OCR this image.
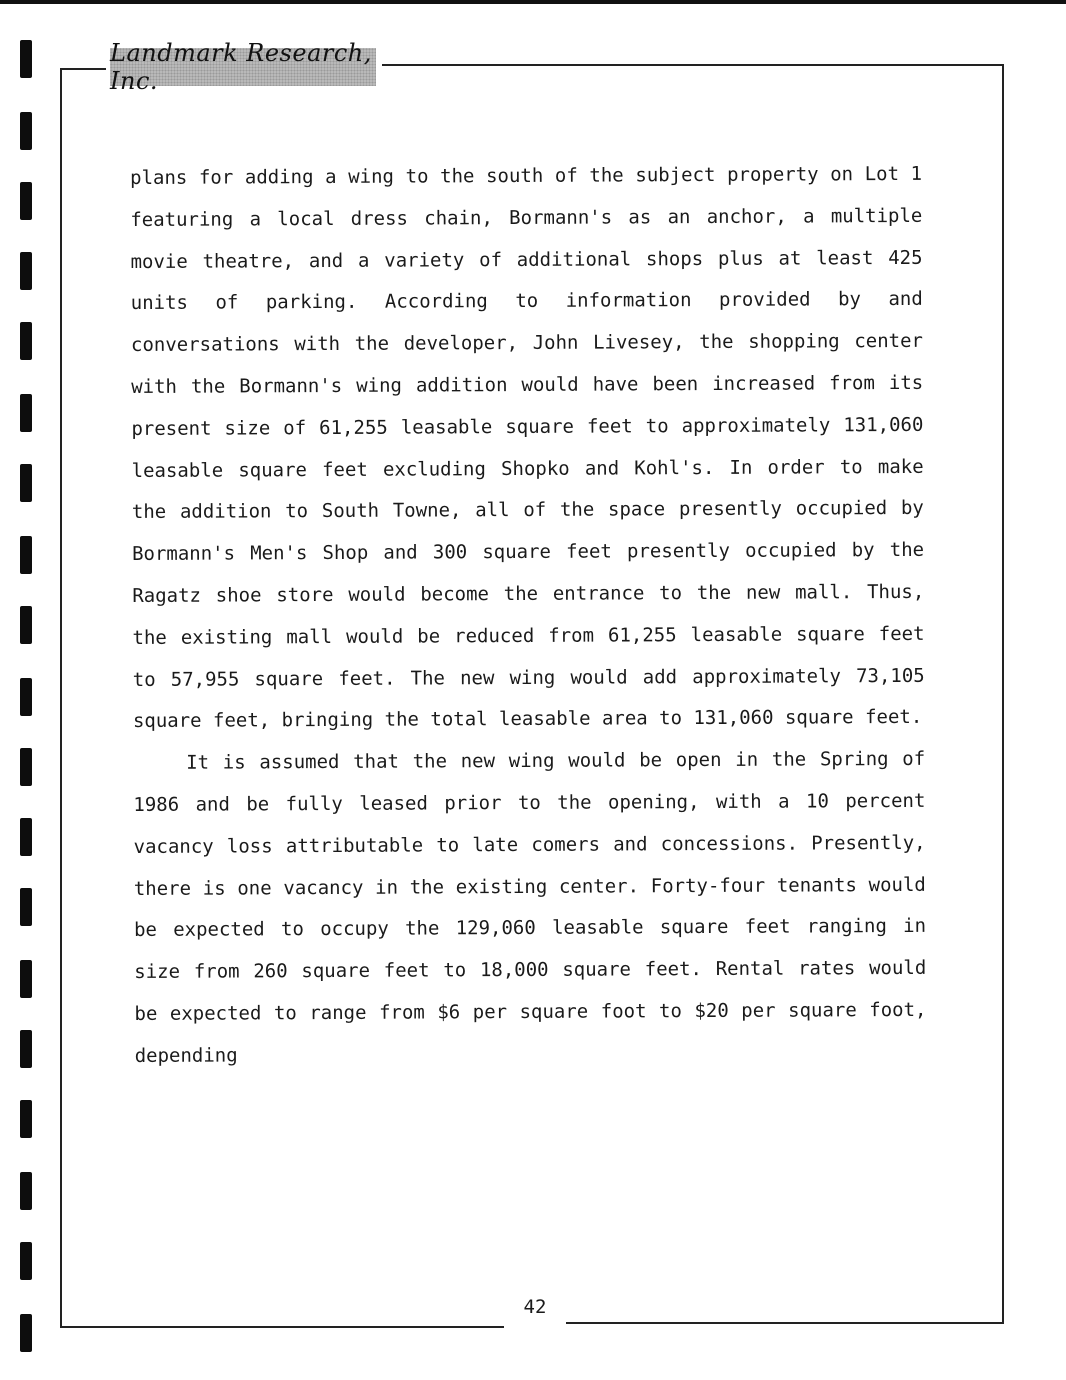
Landmark Research, Inc.

plans for adding a wing to the south of the subject property on Lot 1 featuring a local dress chain, Bormann's as an anchor, a multiple movie theatre, and a variety of additional shops plus at least 425 units of parking. According to information provided by and conversations with the developer, John Livesey, the shopping center with the Bormann's wing addition would have been increased from its present size of 61,255 leasable square feet to approximately 131,060 leasable square feet excluding Shopko and Kohl's. In order to make the addition to South Towne, all of the space presently occupied by Bormann's Men's Shop and 300 square feet presently occupied by the Ragatz shoe store would become the entrance to the new mall. Thus, the existing mall would be reduced from 61,255 leasable square feet to 57,955 square feet. The new wing would add approximately 73,105 square feet, bringing the total leasable area to 131,060 square feet.

It is assumed that the new wing would be open in the Spring of 1986 and be fully leased prior to the opening, with a 10 percent vacancy loss attributable to late comers and concessions. Presently, there is one vacancy in the existing center. Forty-four tenants would be expected to occupy the 129,060 leasable square feet ranging in size from 260 square feet to 18,000 square feet. Rental rates would be expected to range from $6 per square foot to $20 per square foot, depending

42
